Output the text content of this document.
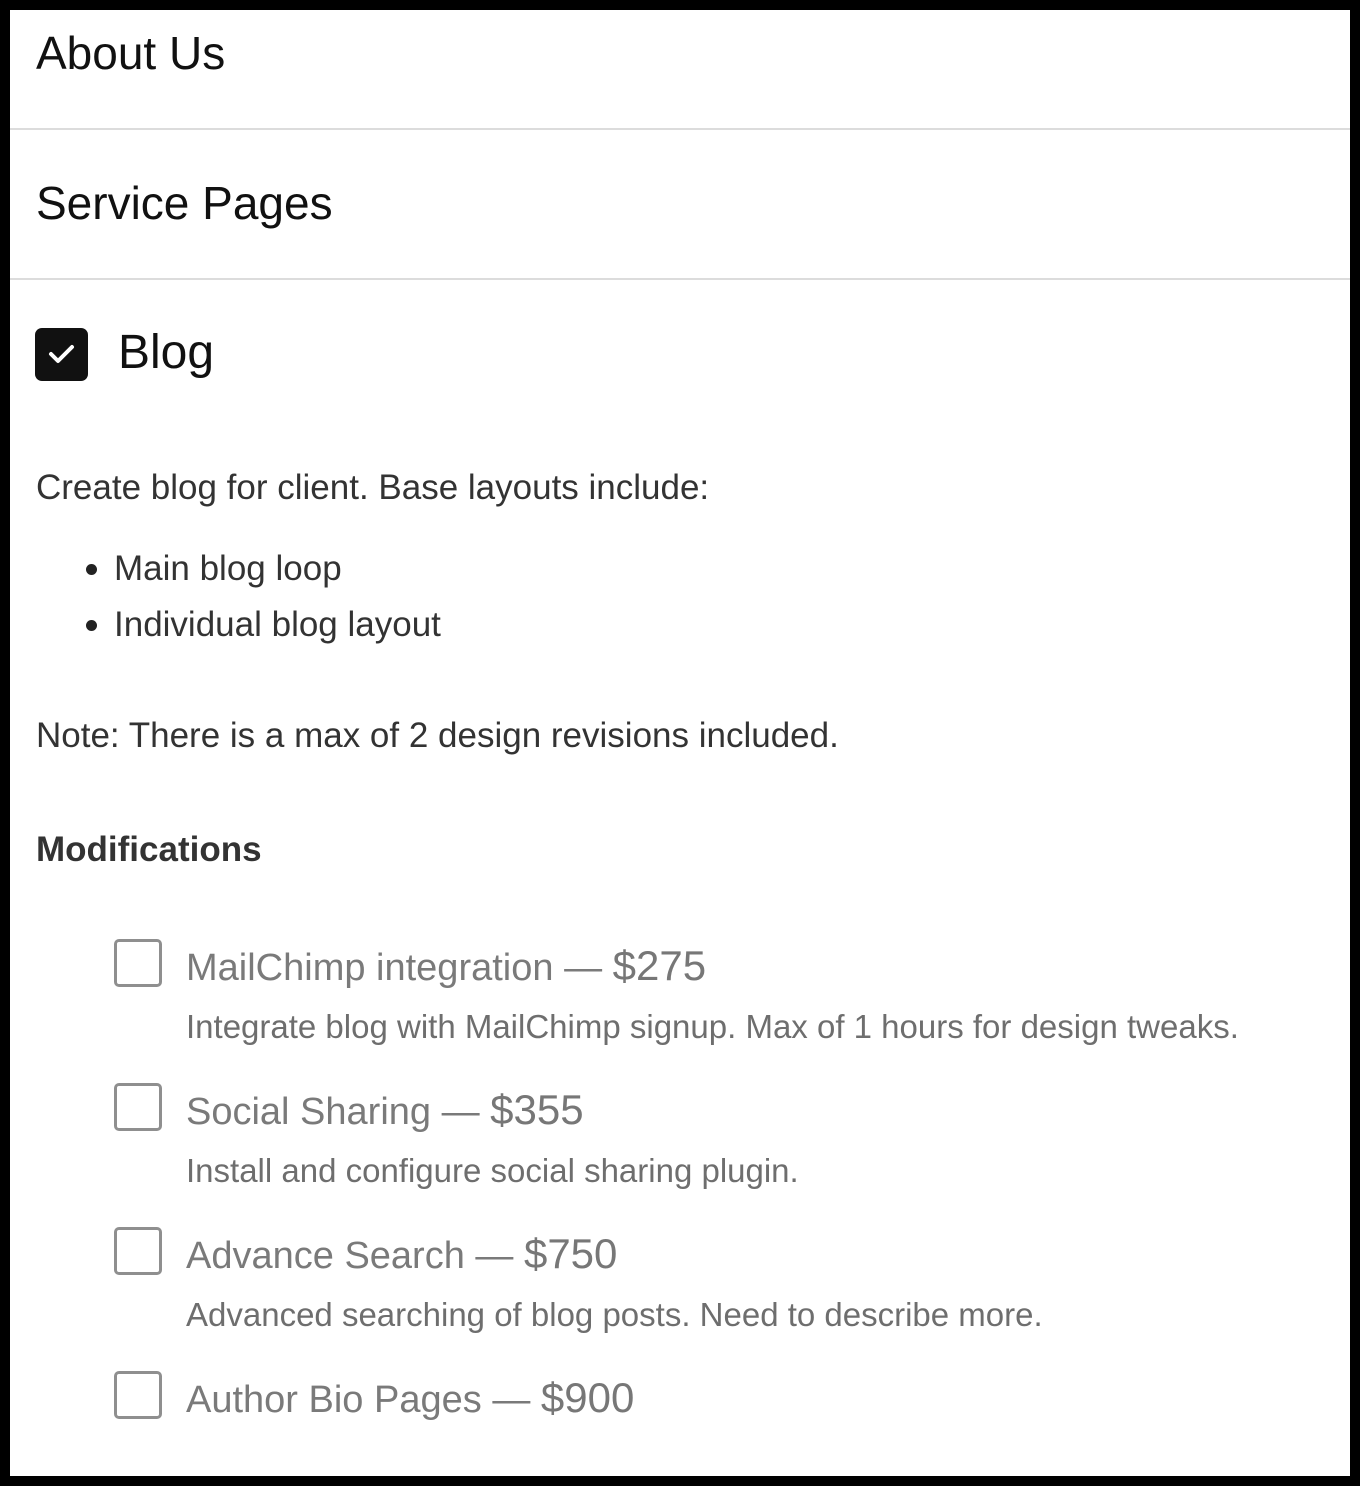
About Us
Service Pages
Blog
Create blog for client. Base layouts include:
Main blog loop
Individual blog layout
Note: There is a max of 2 design revisions included.
Modifications
MailChimp integration — $275
Integrate blog with MailChimp signup. Max of 1 hours for design tweaks.
Social Sharing — $355
Install and configure social sharing plugin.
Advance Search — $750
Advanced searching of blog posts. Need to describe more.
Author Bio Pages — $900
